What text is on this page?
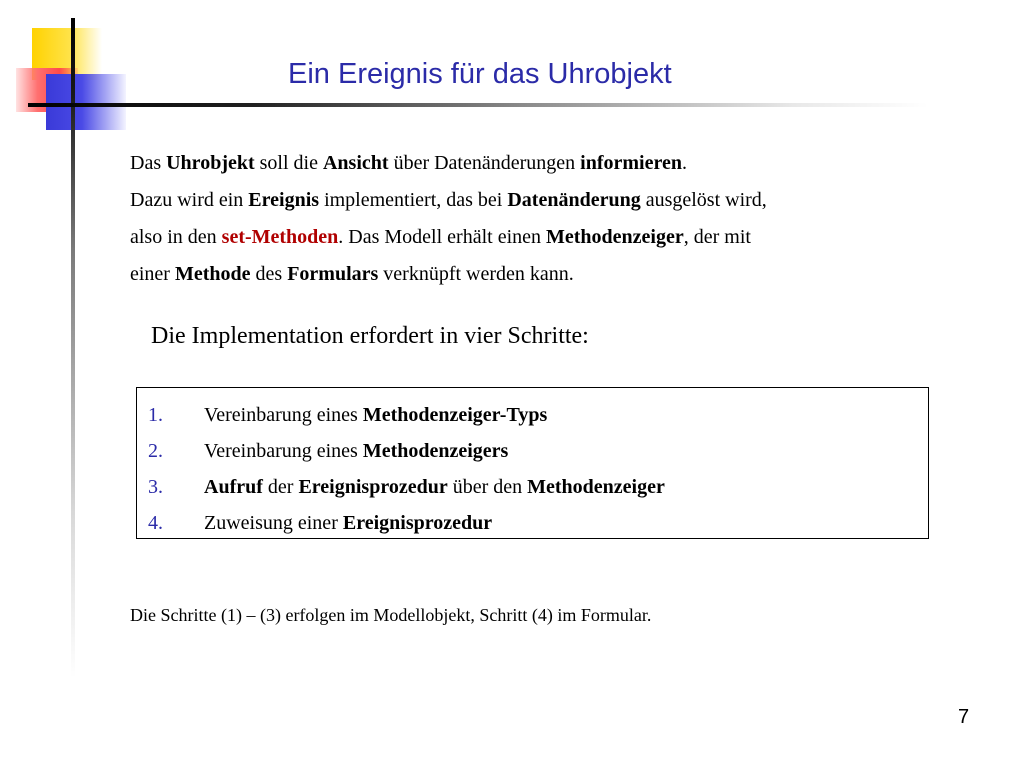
Ein Ereignis für das Uhrobjekt

Das Uhrobjekt soll die Ansicht über Datenänderungen informieren.

Dazu wird ein Ereignis implementiert, das bei Datenänderung ausgelöst wird,

also in den set-Methoden. Das Modell erhält einen Methodenzeiger, der mit

einer Methode des Formulars verknüpft werden kann.

Die Implementation erfordert in vier Schritte:
1. Vereinbarung eines Methodenzeiger-Typs
2. Vereinbarung eines Methodenzeigers
3. Aufruf der Ereignisprozedur über den Methodenzeiger
4. Zuweisung einer Ereignisprozedur
Die Schritte (1) – (3) erfolgen im Modellobjekt, Schritt (4) im Formular.
7
